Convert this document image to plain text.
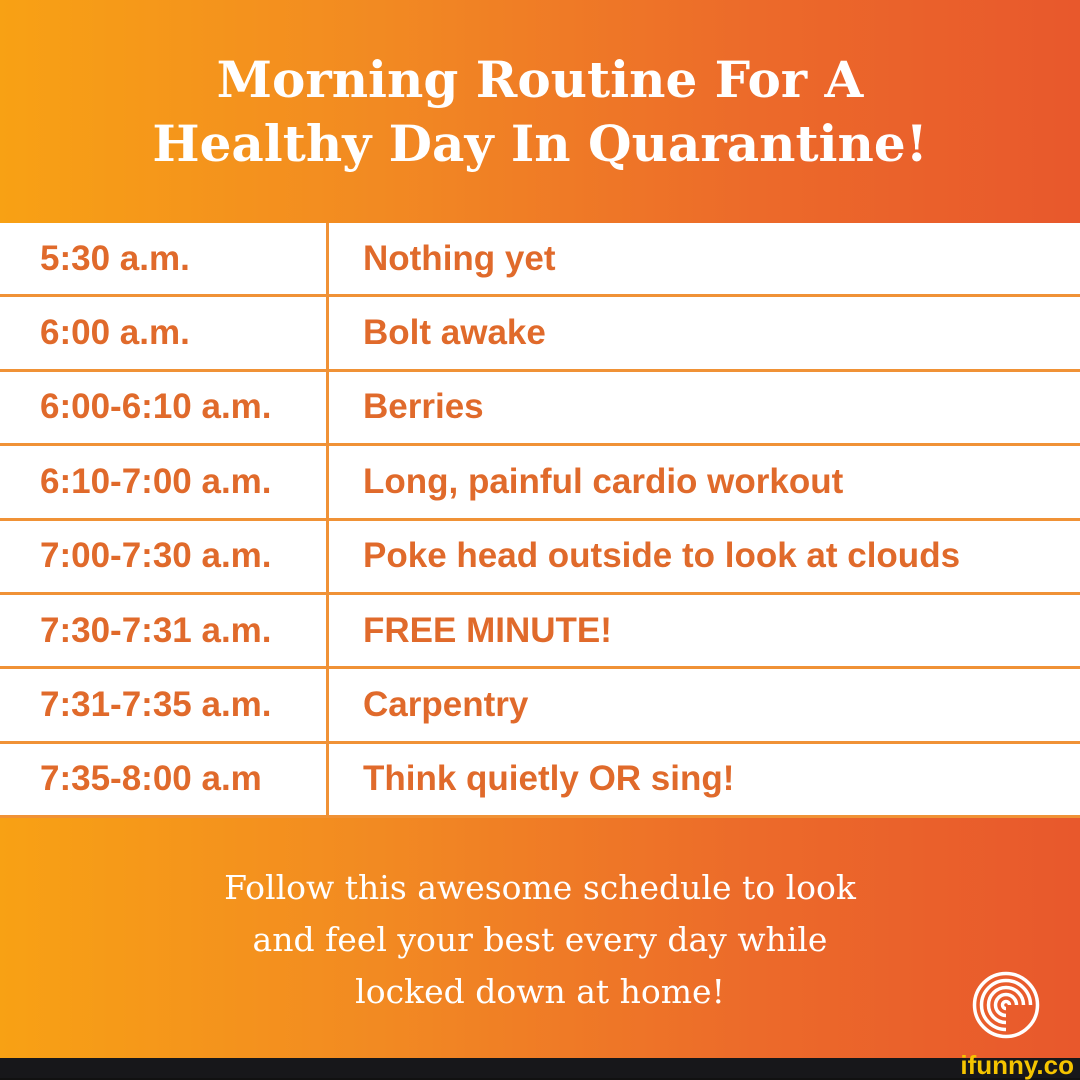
Morning Routine For A
Healthy Day In Quarantine!
5:30 a.m.	Nothing yet
6:00 a.m.	Bolt awake
6:00-6:10 a.m.	Berries
6:10-7:00 a.m.	Long, painful cardio workout
7:00-7:30 a.m.	Poke head outside to look at clouds
7:30-7:31 a.m.	FREE MINUTE!
7:31-7:35 a.m.	Carpentry
7:35-8:00 a.m	Think quietly OR sing!
Follow this awesome schedule to look
and feel your best every day while
locked down at home!
ifunny.co
